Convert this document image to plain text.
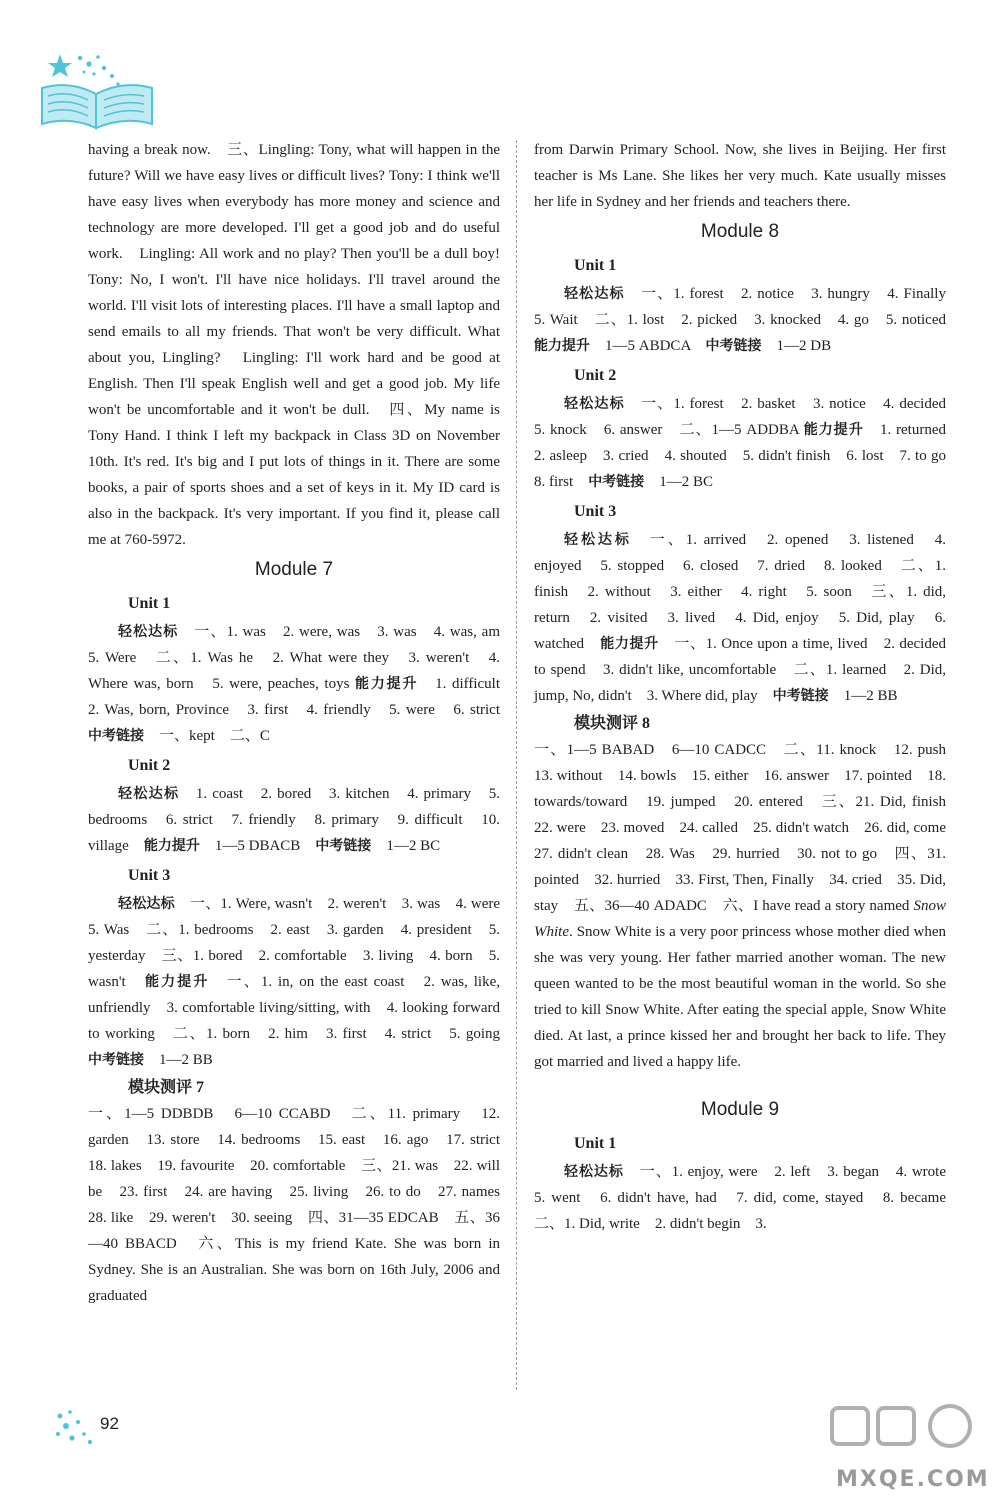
having a break now.　三、Lingling: Tony, what will happen in the future? Will we have easy lives or difficult lives? Tony: I think we'll have easy lives when everybody has more money and science and technology are more developed. I'll get a good job and do useful work.　Lingling: All work and no play? Then you'll be a dull boy!　Tony: No, I won't. I'll have nice holidays. I'll travel around the world. I'll visit lots of interesting places. I'll have a small laptop and send emails to all my friends. That won't be very difficult. What about you, Lingling?　Lingling: I'll work hard and be good at English. Then I'll speak English well and get a good job. My life won't be uncomfortable and it won't be dull.　四、My name is Tony Hand. I think I left my backpack in Class 3D on November 10th. It's red. It's big and I put lots of things in it. There are some books, a pair of sports shoes and a set of keys in it. My ID card is also in the backpack. It's very important. If you find it, please call me at 760-5972.

Module 7
Unit 1

轻松达标　 一、1. was　2. were, was　3. was　4. was, am　5. Were　二、1. Was he　2. What were they　3. weren't　4. Where was, born　5. were, peaches, toys 能力提升　 1. difficult　2. Was, born, Province　3. first　4. friendly　5. were　6. strict　中考链接　 一、kept　二、C

Unit 2

轻松达标　 1. coast　2. bored　3. kitchen　4. primary　5. bedrooms　6. strict　7. friendly　8. primary　9. difficult　10. village　 能力提升　 1—5 DBACB　 中考链接　 1—2 BC

Unit 3

轻松达标　 一、1. Were, wasn't　2. weren't　3. was　4. were　5. Was　二、1. bedrooms　2. east　3. garden　4. president　5. yesterday　三、1. bored　2. comfortable　3. living　4. born　5. wasn't　 能力提升　 一、1. in, on the east coast　2. was, like, unfriendly　3. comfortable living/sitting, with　4. looking forward to working　二、1. born　2. him　3. first　4. strict　5. going　中考链接　 1—2 BB

模块测评 7

一、1—5 DDBDB　6—10 CCABD　二、11. primary　12. garden　13. store　14. bedrooms　15. east　16. ago　17. strict　18. lakes　19. favourite　20. comfortable　三、21. was　22. will be　23. first　24. are having　25. living　26. to do　27. names　28. like　29. weren't　30. seeing　四、31—35 EDCAB　五、36—40 BBACD　六、This is my friend Kate. She was born in Sydney. She is an Australian. She was born on 16th July, 2006 and graduated

from Darwin Primary School. Now, she lives in Beijing. Her first teacher is Ms Lane. She likes her very much. Kate usually misses her life in Sydney and her friends and teachers there.

Module 8
Unit 1

轻松达标　 一、1. forest　2. notice　3. hungry　4. Finally　5. Wait　二、1. lost　2. picked　3. knocked　4. go　5. noticed　能力提升　 1—5 ABDCA　 中考链接　 1—2 DB

Unit 2

轻松达标　 一、1. forest　2. basket　3. notice　4. decided　5. knock　6. answer　二、1—5 ADDBA 能力提升　 1. returned　2. asleep　3. cried　4. shouted　5. didn't finish　6. lost　7. to go　8. first　 中考链接　 1—2 BC

Unit 3

轻松达标　 一、1. arrived　2. opened　3. listened　4. enjoyed　5. stopped　6. closed　7. dried　8. looked　二、1. finish　2. without　3. either　4. right　5. soon　三、1. did, return　2. visited　3. lived　4. Did, enjoy　5. Did, play　6. watched　 能力提升　 一、1. Once upon a time, lived　2. decided to spend　3. didn't like, uncomfortable　二、1. learned　2. Did, jump, No, didn't　3. Where did, play　 中考链接　 1—2 BB

模块测评 8

一、1—5 BABAD　6—10 CADCC　二、11. knock　12. push　13. without　14. bowls　15. either　16. answer　17. pointed　18. towards/toward　19. jumped　20. entered　三、21. Did, finish　22. were　23. moved　24. called　25. didn't watch　26. did, come　27. didn't clean　28. Was　29. hurried　30. not to go　四、31. pointed　32. hurried　33. First, Then, Finally　34. cried　35. Did, stay　五、36—40 ADADC　六、I have read a story named Snow White. Snow White is a very poor princess whose mother died when she was very young. Her father married another woman. The new queen wanted to be the most beautiful woman in the world. So she tried to kill Snow White. After eating the special apple, Snow White died. At last, a prince kissed her and brought her back to life. They got married and lived a happy life.

Module 9
Unit 1

轻松达标　 一、1. enjoy, were　2. left　3. began　4. wrote　5. went　6. didn't have, had　7. did, come, stayed　8. became　二、1. Did, write　2. didn't begin　3.

92
MXQE.COM
